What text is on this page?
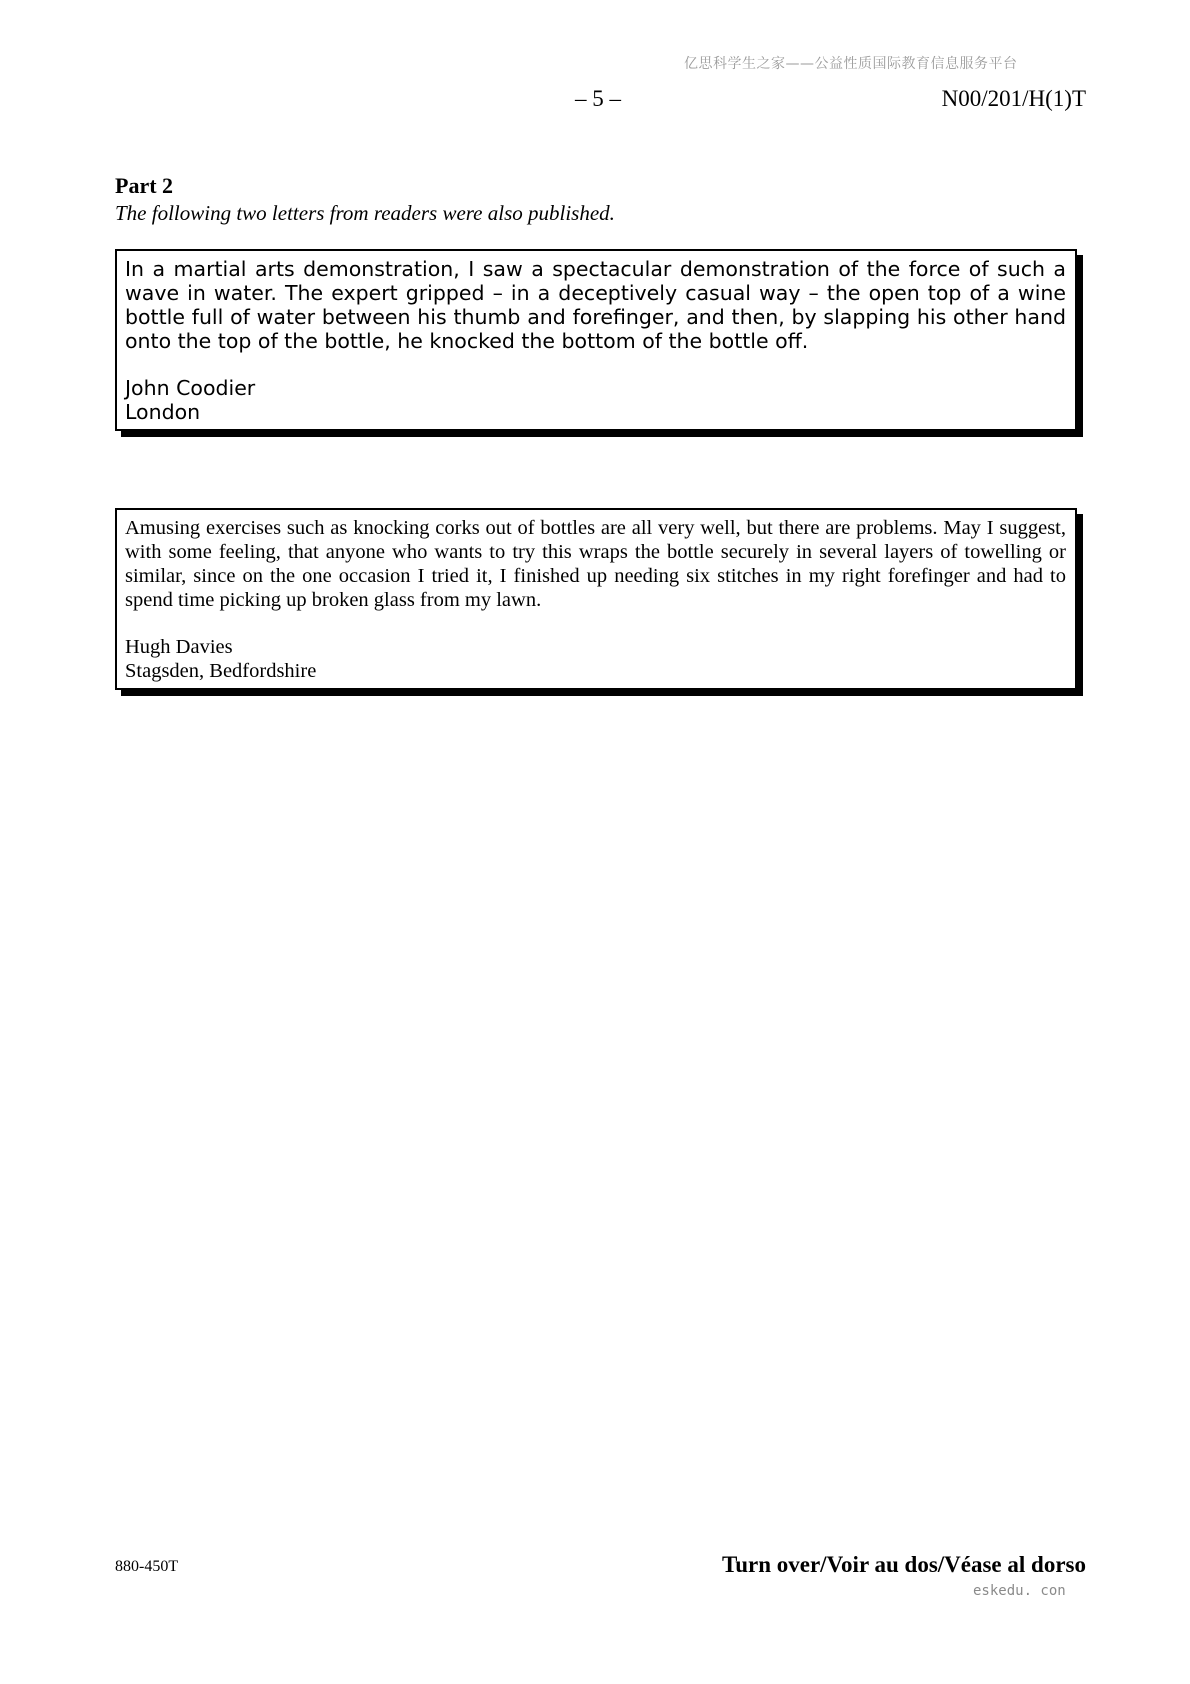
亿思科学生之家——公益性质国际教育信息服务平台
– 5 –	N00/201/H(1)T
Part 2
The following two letters from readers were also published.

In a martial arts demonstration, I saw a spectacular demonstration of the force of such a wave in water. The expert gripped – in a deceptively casual way – the open top of a wine bottle full of water between his thumb and forefinger, and then, by slapping his other hand onto the top of the bottle, he knocked the bottom of the bottle off.

John Coodier
London

Amusing exercises such as knocking corks out of bottles are all very well, but there are problems. May I suggest, with some feeling, that anyone who wants to try this wraps the bottle securely in several layers of towelling or similar, since on the one occasion I tried it, I finished up needing six stitches in my right forefinger and had to spend time picking up broken glass from my lawn.

Hugh Davies
Stagsden, Bedfordshire
880-450T	Turn over/Voir au dos/Véase al dorso
eskedu. con
